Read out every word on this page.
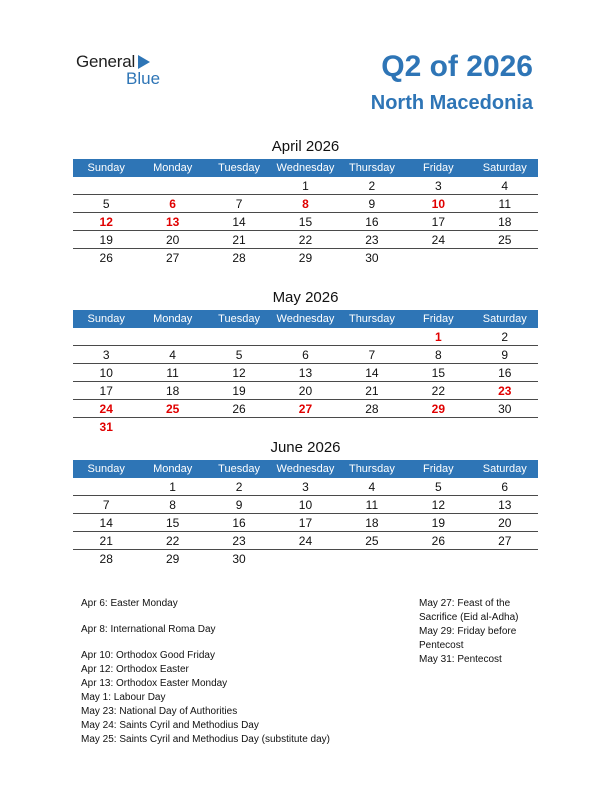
General
Blue	Q2 of 2026
North Macedonia
April 2026
Sunday	Monday	Tuesday	Wednesday	Thursday	Friday	Saturday
			1	2	3	4
5	6	7	8	9	10	11
12	13	14	15	16	17	18
19	20	21	22	23	24	25
26	27	28	29	30		
May 2026
Sunday	Monday	Tuesday	Wednesday	Thursday	Friday	Saturday
					1	2
3	4	5	6	7	8	9
10	11	12	13	14	15	16
17	18	19	20	21	22	23
24	25	26	27	28	29	30
31						
June 2026
Sunday	Monday	Tuesday	Wednesday	Thursday	Friday	Saturday
	1	2	3	4	5	6
7	8	9	10	11	12	13
14	15	16	17	18	19	20
21	22	23	24	25	26	27
28	29	30				
Apr 6: Easter Monday
Apr 8: International Roma Day
Apr 10: Orthodox Good Friday
Apr 12: Orthodox Easter
Apr 13: Orthodox Easter Monday
May 1: Labour Day
May 23: National Day of Authorities
May 24: Saints Cyril and Methodius Day
May 25: Saints Cyril and Methodius Day (substitute day)
May 27: Feast of the Sacrifice (Eid al-Adha)
May 29: Friday before Pentecost
May 31: Pentecost
